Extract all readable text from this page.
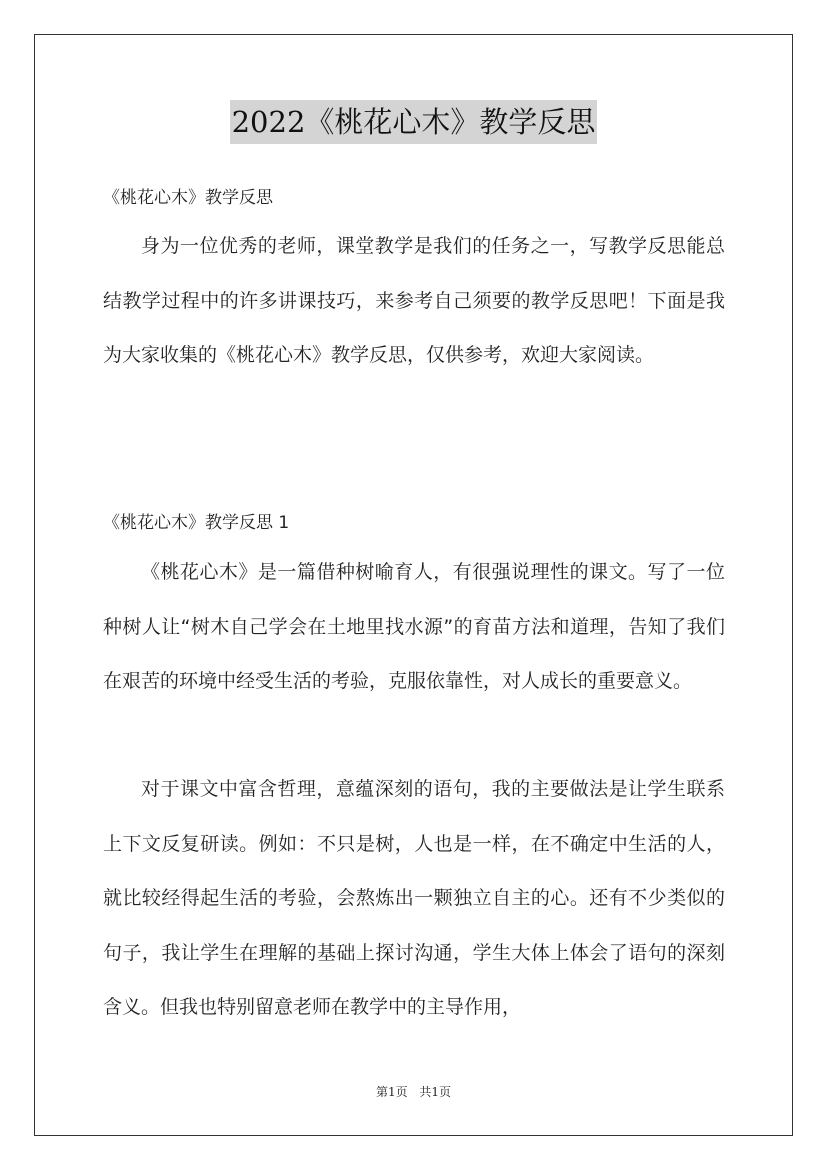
2022《桃花心木》教学反思
《桃花心木》教学反思
身为一位优秀的老师，课堂教学是我们的任务之一，写教学反思能总结教学过程中的许多讲课技巧，来参考自己须要的教学反思吧！下面是我为大家收集的《桃花心木》教学反思，仅供参考，欢迎大家阅读。
《桃花心木》教学反思 1
《桃花心木》是一篇借种树喻育人，有很强说理性的课文。写了一位种树人让“树木自己学会在土地里找水源”的育苗方法和道理，告知了我们在艰苦的环境中经受生活的考验，克服依靠性，对人成长的重要意义。
对于课文中富含哲理，意蕴深刻的语句，我的主要做法是让学生联系上下文反复研读。例如：不只是树，人也是一样，在不确定中生活的人，就比较经得起生活的考验，会熬炼出一颗独立自主的心。还有不少类似的句子，我让学生在理解的基础上探讨沟通，学生大体上体会了语句的深刻含义。但我也特别留意老师在教学中的主导作用，
第1页 共1页
